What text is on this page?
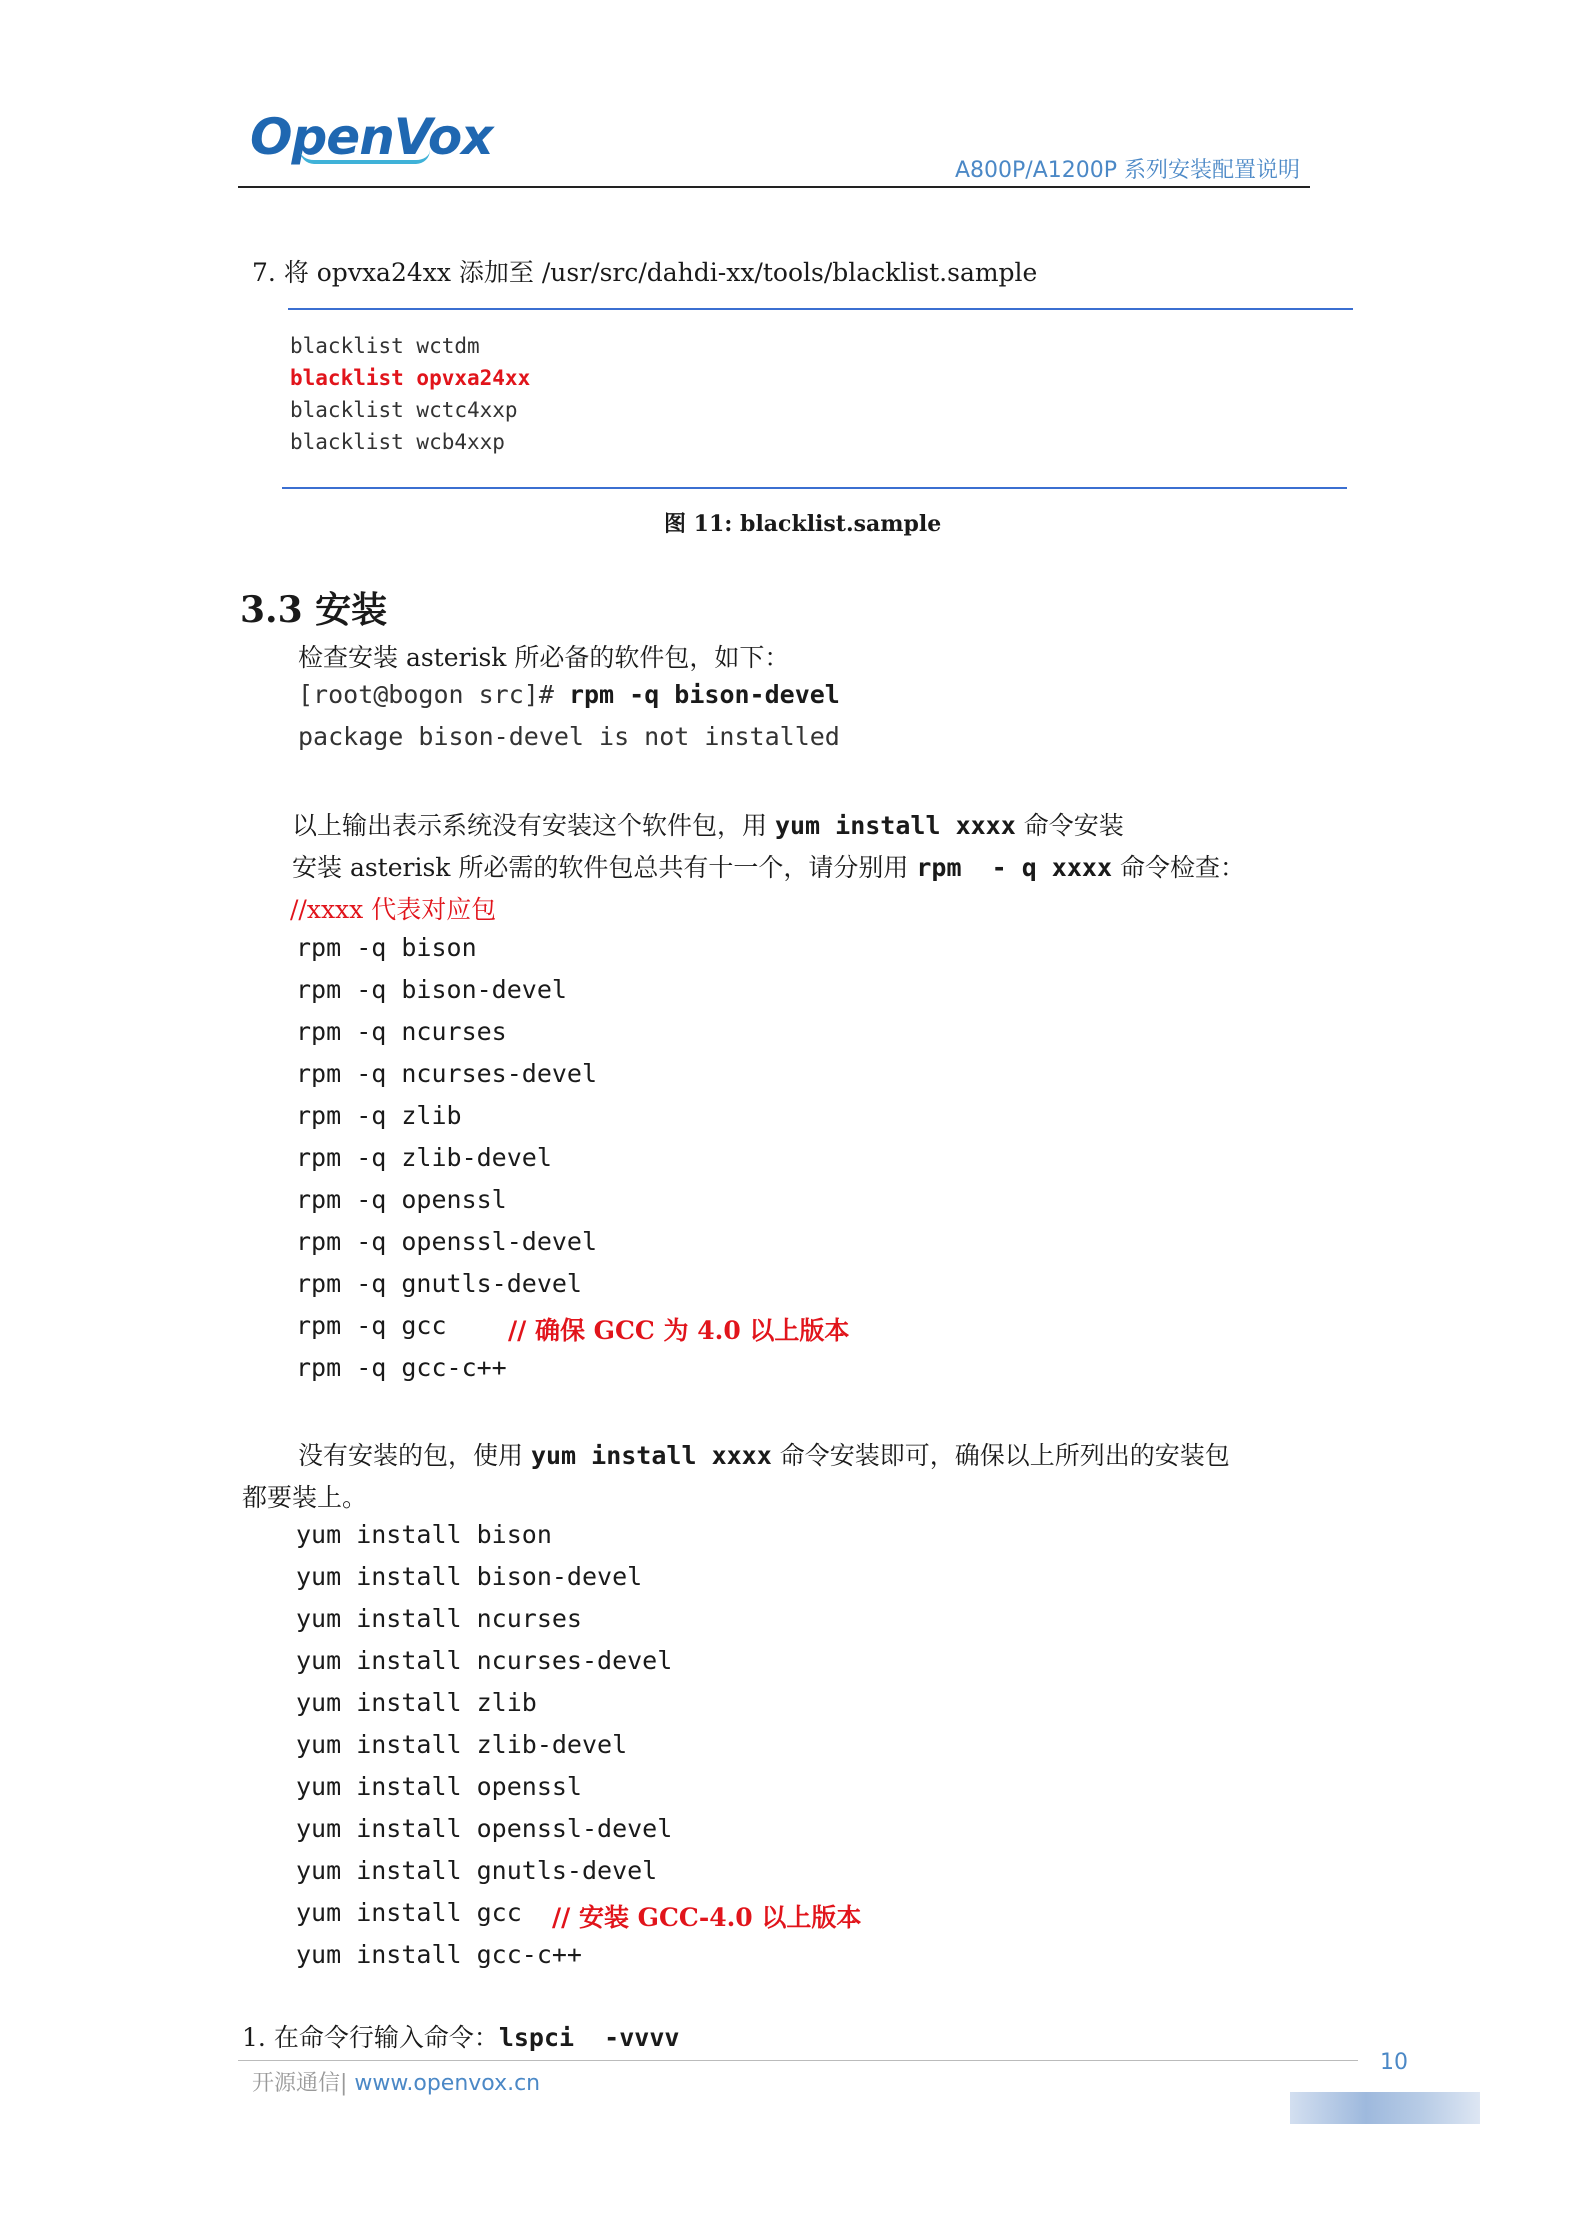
OpenVox
A800P/A1200P 系列安装配置说明
7. 将 opvxa24xx 添加至 /usr/src/dahdi-xx/tools/blacklist.sample
blacklist wctdm
blacklist opvxa24xx
blacklist wctc4xxp
blacklist wcb4xxp
图 11: blacklist.sample
3.3 安装
检查安装 asterisk 所必备的软件包，如下：
[root@bogon src]# rpm -q bison-devel
package bison-devel is not installed
以上输出表示系统没有安装这个软件包，用 yum install xxxx 命令安装
安装 asterisk 所必需的软件包总共有十一个，请分别用 rpm  - q xxxx 命令检查：
//xxxx 代表对应包
rpm -q bison
rpm -q bison-devel
rpm -q ncurses
rpm -q ncurses-devel
rpm -q zlib
rpm -q zlib-devel
rpm -q openssl
rpm -q openssl-devel
rpm -q gnutls-devel
rpm -q gcc // 确保 GCC 为 4.0 以上版本
rpm -q gcc-c++
没有安装的包，使用 yum install xxxx 命令安装即可，确保以上所列出的安装包
都要装上。
yum install bison
yum install bison-devel
yum install ncurses
yum install ncurses-devel
yum install zlib
yum install zlib-devel
yum install openssl
yum install openssl-devel
yum install gnutls-devel
yum install gcc // 安装 GCC-4.0 以上版本
yum install gcc-c++
1. 在命令行输入命令：lspci  -vvvv
开源通信| www.openvox.cn
10
